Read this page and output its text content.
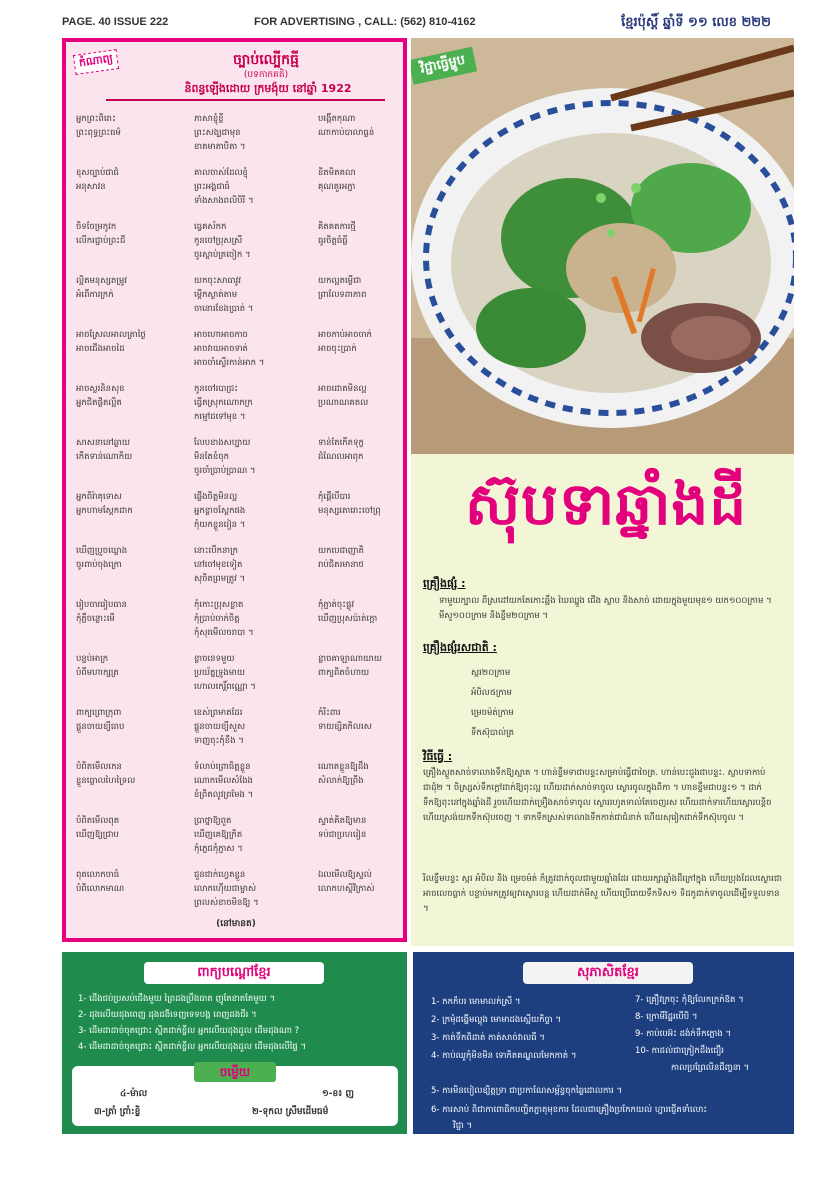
PAGE. 40 ISSUE 222	FOR ADVERTISING , CALL: (562) 810-4162	ខ្មែរប៉ុស្តិ៍ ឆ្នាំទី ១១ លេខ ២២២
កំណាព្យ	ច្បាប់ល្បើកធ្មី
(បទកាកគតិ)
និពន្ធឡើងដោយ ក្រមង៉ុយ នៅឆ្នាំ 1922
អ្នកព្រះពិរោះ
ព្រះពុទ្ធព្រះធម៌
ភាសាខ្ញុំខ្លី
ព្រះសង្ឃជាមុន
ខាតមាតាបិតា ។
បង្កើតកុណា
ណាកាប់បាលាធ្ងន់
ខុសច្បាប់ជាជំ
អនុសាវន
គាលចាស់ដែលខ្ញុំ
ព្រះអង្គជាធំ
ទាំងសាងពលិបិរិ ។
ខិតមិតគលា
គុណគួរអភ្ជា
ចិទចែម្រកូវក
លើករជ្ជាប់ព្រះជី
ធ្វេគស័កក
កូនចៅប្រុសស្រី
ចូរស្តាប់ត្រចៀក ។
គិតគតការថ្មី
ធូរចិត្តធំធ្លី
ល្អិតមនុស្សតម្រូវ
អំពើការក្រក់
យកចុះសាធាវូវ
ម្តើកស្ងាត់តាម
ចានោរខែងប្រាត់ ។
យកល្អតម្លើជា
ព្រាលែទពាភាព
អាចស្រែលអាលត្រាថ្ងៃ
អាចជើងអាចដៃ
អាចហោអាចកាច
អាចវាយអាចទាត់
អាចចាំស្ទើរកាន់អាក ។
អាចកាប់អាចចាក់
អាចចុះប្រាក់
អាចស្លរនិនសុខ
អ្នកជិតផ្លិតល្អិត
កូនចៅរបាជ្រះ
ធ្វើតស្រុកណោកក្រ
កម្មៅដទៅមុខ ។
អាចដោតមិនល្អ
ប្រណាណគតល
សាសនានៅឆ្ងាយ
កើតទាន់ណោកិយ
លែបខាងសប្បាយ
មិនតែខំចុក
ចូរចាំប្រាប់ប្រាណ ។
ទាន់តែកើតទុក្ខ
ដំណែលអាពុក
អ្នកពិរ៉ាគុទោស
អ្នកហាមស្តែកដាក
ផ្លើងចិត្តមិនល្អ
អ្នកខ្លាចស្តែកផង
កុំយកខ្លួនរៀន ។
កុំផ្តើបើបារ
មនុស្សតោរោះចៅព្រុ
ឃើញប្រួចឃ្លោង
ចូរពាប់ចុងក្រោ
នោះបើកនាក្រ
នៅចៅមុខទៀត
សុចិតព្រមត្រូវ ។
យកបេជាញាតិ
រាប់ជិតរមានាថ
រៀបចាររៀបធាន
កុំភ្លឺចន្លោះមើ
កុំកោះប្រុសខ្លាត
កុំប្រាប់ចាក់ចិត្ត
កុំសុរមើលចរាបា ។
កុំភ្ជាត់ចុះផ្លូវ
ឃើញប្រុសប៉ាត់ក្តោ
បន្ទប់អាក្រ
បំពីមហាក្សត្រ
ខ្លាចនេទមួយ
ប្រយ័ត្នទ្រូងមាយ
ហោលកេរ្តិ៍ពណ្ណោ ។
ខ្លាចគាឡាណាយាយ
ពាក្យពិតចំហាយ
ពាក្យព្រោក្រុពា
ផ្គួនចាយខ្យីធាប
ខេស់ព្រមាតដែរ
ផ្គួនចាយខ្យីសួស
ទាញចុះកុំខឹង ។
កំរិះពារ
ទាយខ្សិតកិលរស
បំពិតមើលកេន
ខ្លួនធ្លោលហៃទ្រៃល
ទំលាប់ព្រោធិត្តខ្លួន
ណោកមើលសំងែង
ខំព្រិតលូវព្រមែង ។
ណោតខ្លួនឱ្យដឹង
សំលាក់ឱ្យព្រីង
បំពិតមើលពុត
ឃើញឱ្យជ្រាប
ប្រាថ្នាឱ្យពួត
ឃើញគេឱ្យក្រិត
កុំភ្លេជកុំភ្ជាស ។
ស្ទាត់គិតឱ្យមាន
ទប់ជាប្រហរៀន
ពុតលោកចាធំ
បំពិលោកមាណ
ជួនជាក់ហ្វេតខ្លួន
លោកហ៊ើយជាម្ចាស់
ព្រលស់ខាចមិនឱ្យ ។
ឯលមើលឱ្យស្ទល់
លោកហស្ថិវិក្រាស់
(នៅមានត)
វិជ្ជាធ្វើម្ហូប
ស៊ុបទាឆ្នាំងដី
គ្រឿងផ្សំ :
ទាមួយក្បាល ពីស្រដៅយកតែកោះឆ្អឹង ឃៃឈ្នួង ជើង ស្លាប និងសាច់ ដោយក្នុងមួយមុខ១ យក១០០ក្រាម ។ មីសួ១០០ក្រាម និងខ្ទឹម២០ក្រាម ។
គ្រឿងផ្សំរសជាតិ :
ស្ករ២០ក្រាម
អំបិល៥ក្រាម
ម្រេចម៉ត់ក្រាម
ទឹកស៊ុបាល់ត្រ
វិធីធ្វើ :
គ្រឿងស្ងួតសាច់ទាលាងទឹកឱ្យស្អាត ។ ហាន់ខ្ទឹមទាជាបន្ទះសម្រាប់ធ្វើជាចៃត្រ. ហាន់បេះជួងជាបន្ទះ. ស្លាបទាកាប់ជាដុំ២ ។ ចិស្ស្រស់ទឹកក្តៅដាក់ឱ្យពុះល្អ ហើយដាក់សាច់ទាចូល ស្ងោរចូលក្នុងពិកា ។ ហានខ្ទឹមជាបន្ទះ១ ។ ដាក់ទឹកឱ្យពុះនៅក្នុងឆ្នាំងដី រួចហើយដាក់ទ្រឿងសាច់ទាចូល ស្ងោររហូតទាល់តែចេញរស ហើយដាក់ទាហើយស្ងោរបន្តិច ហើយស្រង់យកទឹកស៊ុបចេញ ។ ទាកទឹកស្រស់ទាលាងទឹកកាត់ជាជំនាក់ ហើយសុរៀកដាក់ទឹកស៊ុបចូល ។
រិលខ្ទឹមបន្ទះ ស្ករ អំបិល និង ម្រេចម៉ត់ ក៏ត្រូវដាក់ចូលជាមួយឆ្នាំងដែរ ដោយរក្សាឆ្នាំងដីក្រៅក្នុង ហើយប្រុងដែលស្ងោរជាអាចលេចធ្លាក់ បន្ទាប់មកត្រូវឲ្យវាស្ងោរបន្ត ហើយដាក់មីសួ ហើយប្រើរោយទឹកទិស១ ទិដកូដាក់ទាចូលដើម្បីទទួលទាន ។
ពាក្យបណ្តៅខ្មែរ
1- ដើងជប់ប្រសប់ជើងមួយ ព្រៃដងប្រឹងធាត ញូតែខាតតែមួយ ។
2- ដុងលើយដុងពេញ ដុងដងិទេញទេទបង្ក ពេញដងជីរ ។
3- ដើមដាដាច់ចុតជ្រោះ ស្អិតដាក់ខ្ចីល អ្នកលើយដុងដួល ដើមដុងណា ?
4- ដើមដាដាច់ចុតជ្រោះ ស្អិតដាក់ខ្ចីល អ្នកលើយដុងដួល ដើមដុងលើផ្ទៃ ។
ចម្លើយ
១-ខ៖ ញ
៤-ម៉ាល
៣-ត្រាំ ព្រាំ:ខ្លិ	២-ទុកល ស្រឹមដើមធម៌
សុភាសិតខ្មែរ
1- កកក៏បរ មោមាលក់ស្រី ។
2- ក្រមុំដង្ហើមល្ពុង មោមាដងស្អើយកិច្ចា ។
3- កាត់ទឹកពិដាត់ កាត់សាច់វាលធី ។
4- កាប់ឈូកុំមិនមិន ទោកិតគណ្ឌលមែកកាត់ ។
7- គ្រឿវក្រចុះ កុំឱ្យលែកក្រក់ឱត ។
8- ក្រោមីរិដ្ឋរបើបិ ។
9- កាប់បេអ៊ះ ដង់ក់ទឹកភ្លោង ។
10- កាដល់ជាក្រៀកដឹងជឿរ
កាលប្រព្រែលិនជីញ្ចនា ។
5- ការមិនបៀលឧ្យិត្តទ្រា ជាប្រកាណែសម្ព័ន្ធចុកឆ្ងៃដោលការ ។
6- ការសាប់ ពិជាកាពោធិកបញ្ចិតភ្ជាតុមុខការ ដែលជាគ្រឿងប្រកែកយល់ ហ្នារជ្ញើតទាំលោះ
វិជ្ជា ។
